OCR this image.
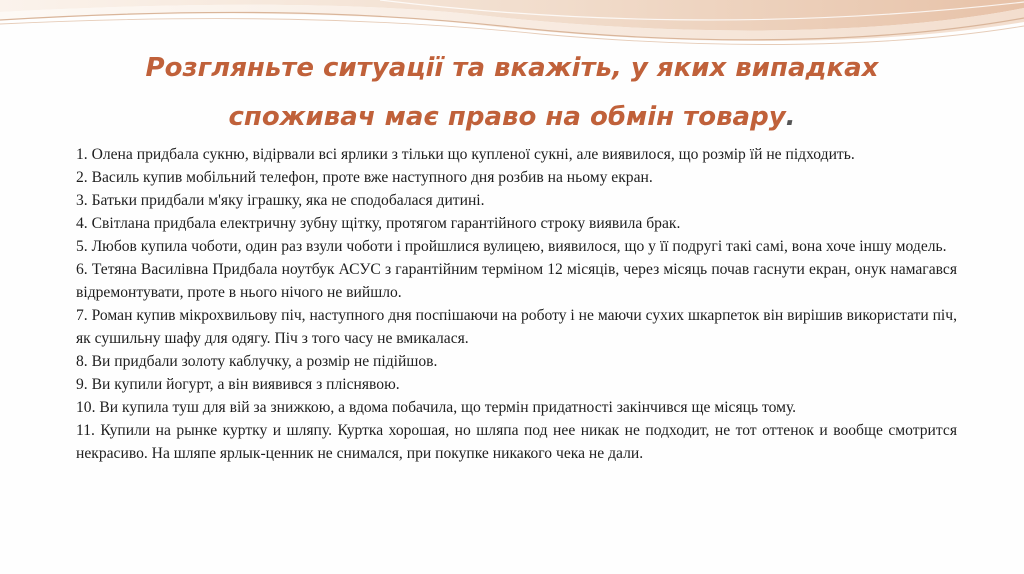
Розгляньте ситуації та вкажіть, у яких випадках
споживач має право на обмін товару.

1. Олена придбала сукню, відірвали всі ярлики з тільки що купленої сукні, але виявилося, що розмір їй не підходить.

2. Василь купив мобільний телефон, проте вже наступного дня розбив на ньому екран.

3. Батьки придбали м'яку іграшку, яка не сподобалася дитині.

4. Світлана придбала електричну зубну щітку, протягом гарантійного строку виявила брак.

5. Любов купила чоботи, один раз взули чоботи і пройшлися вулицею, виявилося, що у її подругі такі самі, вона хоче іншу модель.

6. Тетяна Василівна Придбала ноутбук АСУС з гарантійним терміном 12 місяців, через місяць почав гаснути екран, онук намагався відремонтувати, проте в нього нічого не вийшло.

7. Роман купив мікрохвильову піч, наступного дня поспішаючи на роботу і не маючи сухих шкарпеток він вирішив використати піч, як сушильну шафу для одягу. Піч з того часу не вмикалася.

8. Ви придбали золоту каблучку, а розмір не підійшов.

9. Ви купили йогурт, а він виявився з пліснявою.

10. Ви купила туш для вій за знижкою, а вдома побачила, що термін придатності закінчився ще місяць тому.

11. Купили на рынке куртку и шляпу. Куртка хорошая, но шляпа под нее никак не подходит, не тот оттенок и вообще смотрится некрасиво. На шляпе ярлык-ценник не снимался, при покупке никакого чека не дали.
